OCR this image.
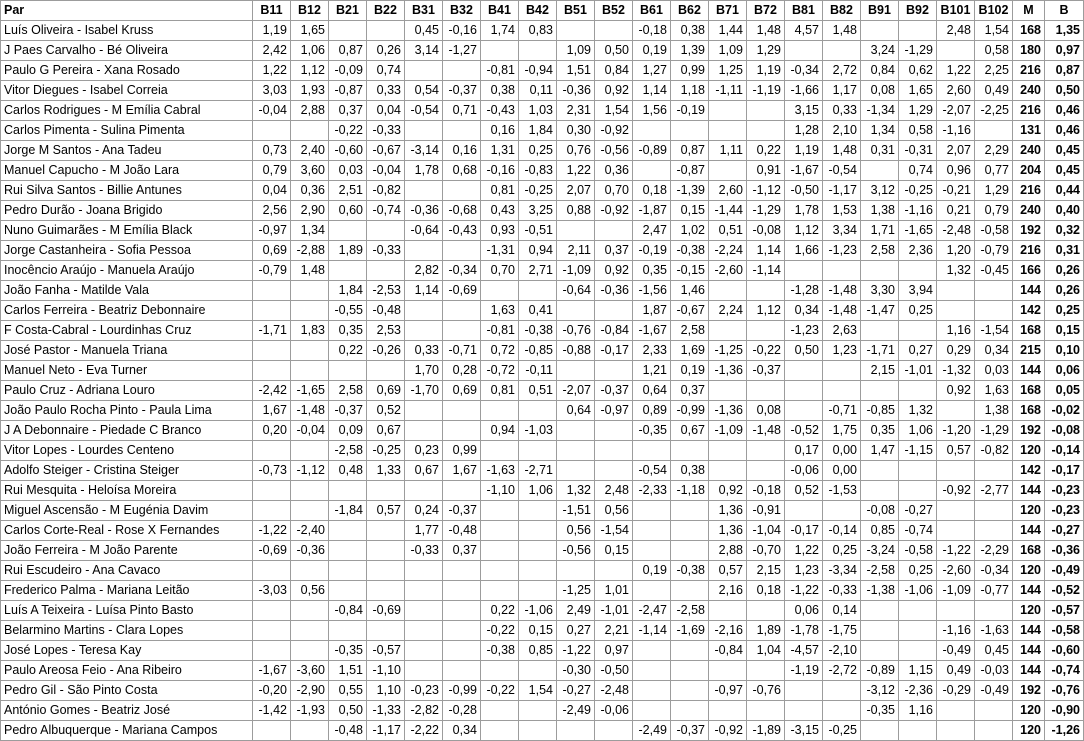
Par	B11	B12	B21	B22	B31	B32	B41	B42	B51	B52	B61	B62	B71	B72	B81	B82	B91	B92	B101	B102	M	B
Luís Oliveira - Isabel Kruss	1,19	1,65			0,45	-0,16	1,74	0,83			-0,18	0,38	1,44	1,48	4,57	1,48			2,48	1,54	168	1,35
J Paes Carvalho - Bé Oliveira	2,42	1,06	0,87	0,26	3,14	-1,27			1,09	0,50	0,19	1,39	1,09	1,29			3,24	-1,29		0,58	180	0,97
Paulo G Pereira - Xana Rosado	1,22	1,12	-0,09	0,74			-0,81	-0,94	1,51	0,84	1,27	0,99	1,25	1,19	-0,34	2,72	0,84	0,62	1,22	2,25	216	0,87
Vitor Diegues - Isabel Correia	3,03	1,93	-0,87	0,33	0,54	-0,37	0,38	0,11	-0,36	0,92	1,14	1,18	-1,11	-1,19	-1,66	1,17	0,08	1,65	2,60	0,49	240	0,50
Carlos Rodrigues - M Emília Cabral	-0,04	2,88	0,37	0,04	-0,54	0,71	-0,43	1,03	2,31	1,54	1,56	-0,19			3,15	0,33	-1,34	1,29	-2,07	-2,25	216	0,46
Carlos Pimenta - Sulina Pimenta			-0,22	-0,33			0,16	1,84	0,30	-0,92					1,28	2,10	1,34	0,58	-1,16		131	0,46
Jorge M Santos - Ana Tadeu	0,73	2,40	-0,60	-0,67	-3,14	0,16	1,31	0,25	0,76	-0,56	-0,89	0,87	1,11	0,22	1,19	1,48	0,31	-0,31	2,07	2,29	240	0,45
Manuel Capucho - M João Lara	0,79	3,60	0,03	-0,04	1,78	0,68	-0,16	-0,83	1,22	0,36		-0,87		0,91	-1,67	-0,54		0,74	0,96	0,77	204	0,45
Rui Silva Santos - Billie Antunes	0,04	0,36	2,51	-0,82			0,81	-0,25	2,07	0,70	0,18	-1,39	2,60	-1,12	-0,50	-1,17	3,12	-0,25	-0,21	1,29	216	0,44
Pedro Durão - Joana Brigido	2,56	2,90	0,60	-0,74	-0,36	-0,68	0,43	3,25	0,88	-0,92	-1,87	0,15	-1,44	-1,29	1,78	1,53	1,38	-1,16	0,21	0,79	240	0,40
Nuno Guimarães - M Emília Black	-0,97	1,34			-0,64	-0,43	0,93	-0,51			2,47	1,02	0,51	-0,08	1,12	3,34	1,71	-1,65	-2,48	-0,58	192	0,32
Jorge Castanheira - Sofia Pessoa	0,69	-2,88	1,89	-0,33			-1,31	0,94	2,11	0,37	-0,19	-0,38	-2,24	1,14	1,66	-1,23	2,58	2,36	1,20	-0,79	216	0,31
Inocêncio Araújo - Manuela Araújo	-0,79	1,48			2,82	-0,34	0,70	2,71	-1,09	0,92	0,35	-0,15	-2,60	-1,14					1,32	-0,45	166	0,26
João Fanha - Matilde Vala			1,84	-2,53	1,14	-0,69			-0,64	-0,36	-1,56	1,46			-1,28	-1,48	3,30	3,94			144	0,26
Carlos Ferreira - Beatriz Debonnaire			-0,55	-0,48			1,63	0,41			1,87	-0,67	2,24	1,12	0,34	-1,48	-1,47	0,25			142	0,25
F Costa-Cabral - Lourdinhas Cruz	-1,71	1,83	0,35	2,53			-0,81	-0,38	-0,76	-0,84	-1,67	2,58			-1,23	2,63			1,16	-1,54	168	0,15
José Pastor - Manuela Triana			0,22	-0,26	0,33	-0,71	0,72	-0,85	-0,88	-0,17	2,33	1,69	-1,25	-0,22	0,50	1,23	-1,71	0,27	0,29	0,34	215	0,10
Manuel Neto - Eva Turner					1,70	0,28	-0,72	-0,11			1,21	0,19	-1,36	-0,37			2,15	-1,01	-1,32	0,03	144	0,06
Paulo Cruz - Adriana Louro	-2,42	-1,65	2,58	0,69	-1,70	0,69	0,81	0,51	-2,07	-0,37	0,64	0,37							0,92	1,63	168	0,05
João Paulo Rocha Pinto - Paula Lima	1,67	-1,48	-0,37	0,52					0,64	-0,97	0,89	-0,99	-1,36	0,08		-0,71	-0,85	1,32		1,38	168	-0,02
J A Debonnaire - Piedade C Branco	0,20	-0,04	0,09	0,67			0,94	-1,03			-0,35	0,67	-1,09	-1,48	-0,52	1,75	0,35	1,06	-1,20	-1,29	192	-0,08
Vitor Lopes - Lourdes Centeno			-2,58	-0,25	0,23	0,99									0,17	0,00	1,47	-1,15	0,57	-0,82	120	-0,14
Adolfo Steiger - Cristina Steiger	-0,73	-1,12	0,48	1,33	0,67	1,67	-1,63	-2,71			-0,54	0,38			-0,06	0,00					142	-0,17
Rui Mesquita - Heloísa Moreira							-1,10	1,06	1,32	2,48	-2,33	-1,18	0,92	-0,18	0,52	-1,53			-0,92	-2,77	144	-0,23
Miguel Ascensão - M Eugénia Davim			-1,84	0,57	0,24	-0,37			-1,51	0,56			1,36	-0,91			-0,08	-0,27			120	-0,23
Carlos Corte-Real - Rose X Fernandes	-1,22	-2,40			1,77	-0,48			0,56	-1,54			1,36	-1,04	-0,17	-0,14	0,85	-0,74			144	-0,27
João Ferreira - M João Parente	-0,69	-0,36			-0,33	0,37			-0,56	0,15			2,88	-0,70	1,22	0,25	-3,24	-0,58	-1,22	-2,29	168	-0,36
Rui Escudeiro - Ana Cavaco											0,19	-0,38	0,57	2,15	1,23	-3,34	-2,58	0,25	-2,60	-0,34	120	-0,49
Frederico Palma - Mariana Leitão	-3,03	0,56							-1,25	1,01			2,16	0,18	-1,22	-0,33	-1,38	-1,06	-1,09	-0,77	144	-0,52
Luís A Teixeira - Luísa Pinto Basto			-0,84	-0,69			0,22	-1,06	2,49	-1,01	-2,47	-2,58			0,06	0,14					120	-0,57
Belarmino Martins - Clara Lopes							-0,22	0,15	0,27	2,21	-1,14	-1,69	-2,16	1,89	-1,78	-1,75			-1,16	-1,63	144	-0,58
José Lopes - Teresa Kay			-0,35	-0,57			-0,38	0,85	-1,22	0,97			-0,84	1,04	-4,57	-2,10			-0,49	0,45	144	-0,60
Paulo Areosa Feio - Ana Ribeiro	-1,67	-3,60	1,51	-1,10					-0,30	-0,50					-1,19	-2,72	-0,89	1,15	0,49	-0,03	144	-0,74
Pedro Gil - São Pinto Costa	-0,20	-2,90	0,55	1,10	-0,23	-0,99	-0,22	1,54	-0,27	-2,48			-0,97	-0,76			-3,12	-2,36	-0,29	-0,49	192	-0,76
António Gomes - Beatriz José	-1,42	-1,93	0,50	-1,33	-2,82	-0,28			-2,49	-0,06							-0,35	1,16			120	-0,90
Pedro Albuquerque - Mariana Campos			-0,48	-1,17	-2,22	0,34					-2,49	-0,37	-0,92	-1,89	-3,15	-0,25					120	-1,26
